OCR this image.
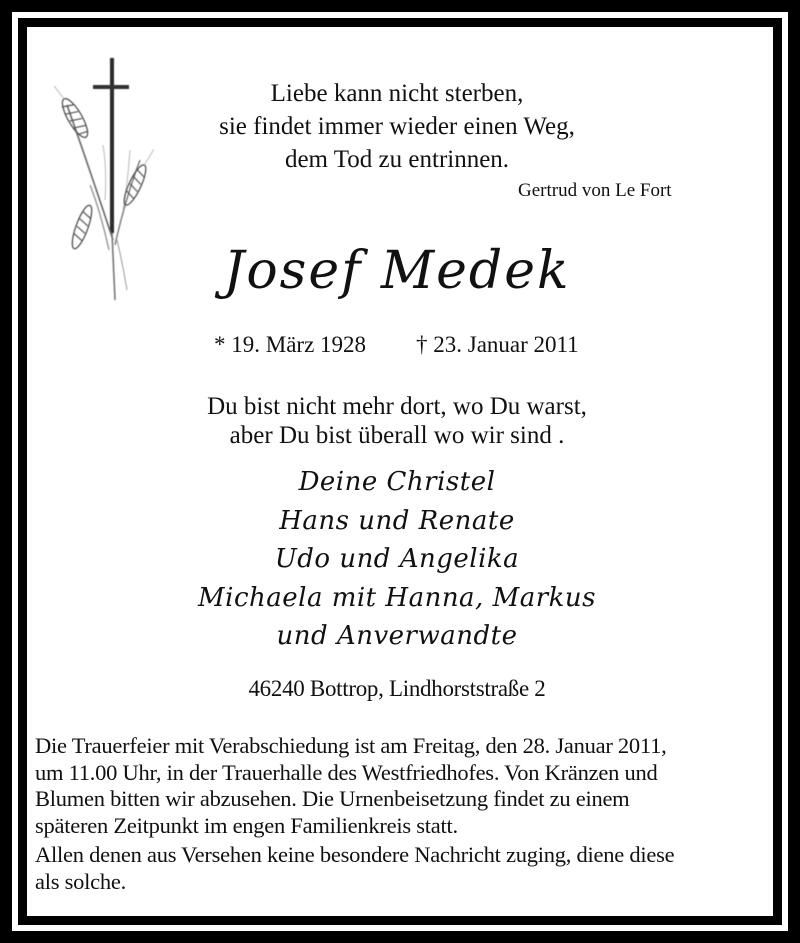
Liebe kann nicht sterben,
sie findet immer wieder einen Weg,
dem Tod zu entrinnen.
Gertrud von Le Fort
Josef Medek
* 19. März 1928 † 23. Januar 2011
Du bist nicht mehr dort, wo Du warst,
aber Du bist überall wo wir sind .
Deine Christel
Hans und Renate
Udo und Angelika
Michaela mit Hanna, Markus
und Anverwandte
46240 Bottrop, Lindhorststraße 2
Die Trauerfeier mit Verabschiedung ist am Freitag, den 28. Januar 2011,
um 11.00 Uhr, in der Trauerhalle des Westfriedhofes. Von Kränzen und
Blumen bitten wir abzusehen. Die Urnenbeisetzung findet zu einem
späteren Zeitpunkt im engen Familienkreis statt.
Allen denen aus Versehen keine besondere Nachricht zuging, diene diese
als solche.
